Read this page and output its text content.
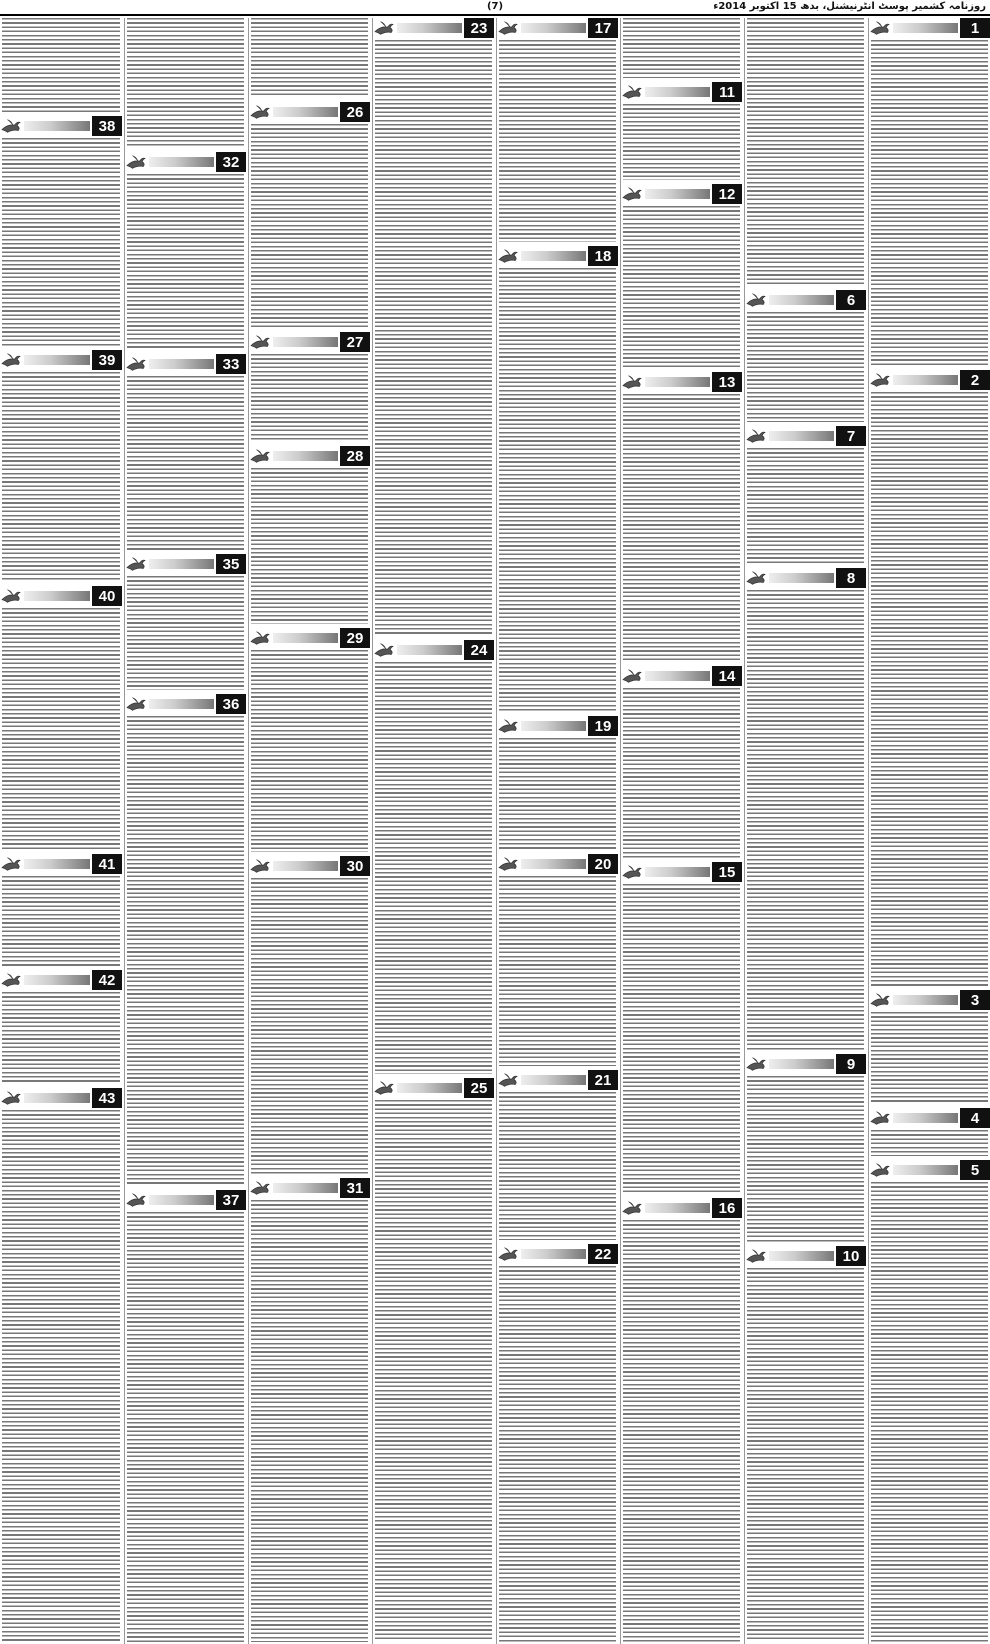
روزنامہ کشمیر پوسٹ انٹرنیشنل، بدھ 15 اکتوبر 2014ء
(7)
1
2
3
4
5
6
7
8
9
10
11
12
13
14
15
16
17
18
19
20
21
22
23
24
25
26
27
28
29
30
31
32
33
35
36
37
38
39
40
41
42
43
